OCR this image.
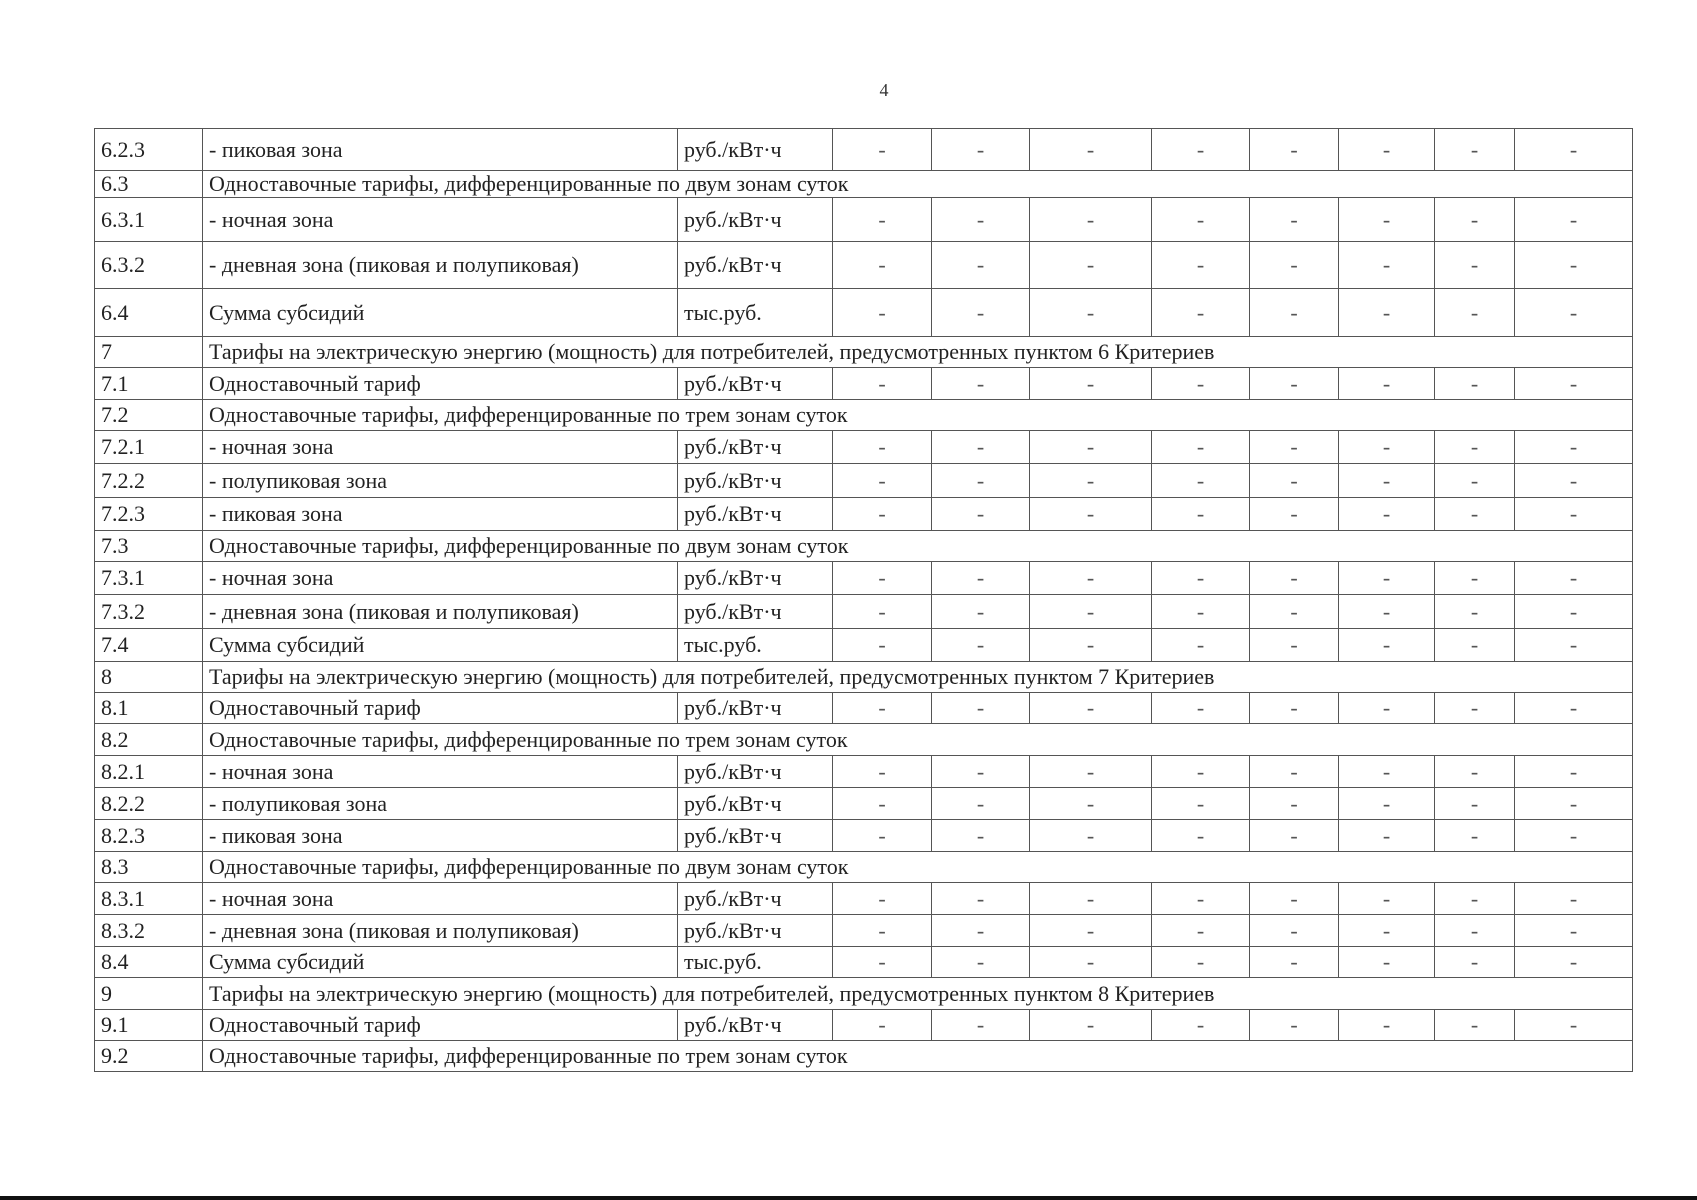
4
6.2.3	- пиковая зона	руб./кВт·ч	-	-	-	-	-	-	-	-
6.3	Одноставочные тарифы, дифференцированные по двум зонам суток									
6.3.1	- ночная зона	руб./кВт·ч	-	-	-	-	-	-	-	-
6.3.2	- дневная зона (пиковая и полупиковая)	руб./кВт·ч	-	-	-	-	-	-	-	-
6.4	Сумма субсидий	тыс.руб.	-	-	-	-	-	-	-	-
7	Тарифы на электрическую энергию (мощность) для потребителей, предусмотренных пунктом 6 Критериев									
7.1	Одноставочный тариф	руб./кВт·ч	-	-	-	-	-	-	-	-
7.2	Одноставочные тарифы, дифференцированные по трем зонам суток									
7.2.1	- ночная зона	руб./кВт·ч	-	-	-	-	-	-	-	-
7.2.2	- полупиковая зона	руб./кВт·ч	-	-	-	-	-	-	-	-
7.2.3	- пиковая зона	руб./кВт·ч	-	-	-	-	-	-	-	-
7.3	Одноставочные тарифы, дифференцированные по двум зонам суток									
7.3.1	- ночная зона	руб./кВт·ч	-	-	-	-	-	-	-	-
7.3.2	- дневная зона (пиковая и полупиковая)	руб./кВт·ч	-	-	-	-	-	-	-	-
7.4	Сумма субсидий	тыс.руб.	-	-	-	-	-	-	-	-
8	Тарифы на электрическую энергию (мощность) для потребителей, предусмотренных пунктом 7 Критериев									
8.1	Одноставочный тариф	руб./кВт·ч	-	-	-	-	-	-	-	-
8.2	Одноставочные тарифы, дифференцированные по трем зонам суток									
8.2.1	- ночная зона	руб./кВт·ч	-	-	-	-	-	-	-	-
8.2.2	- полупиковая зона	руб./кВт·ч	-	-	-	-	-	-	-	-
8.2.3	- пиковая зона	руб./кВт·ч	-	-	-	-	-	-	-	-
8.3	Одноставочные тарифы, дифференцированные по двум зонам суток									
8.3.1	- ночная зона	руб./кВт·ч	-	-	-	-	-	-	-	-
8.3.2	- дневная зона (пиковая и полупиковая)	руб./кВт·ч	-	-	-	-	-	-	-	-
8.4	Сумма субсидий	тыс.руб.	-	-	-	-	-	-	-	-
9	Тарифы на электрическую энергию (мощность) для потребителей, предусмотренных пунктом 8 Критериев									
9.1	Одноставочный тариф	руб./кВт·ч	-	-	-	-	-	-	-	-
9.2	Одноставочные тарифы, дифференцированные по трем зонам суток									
